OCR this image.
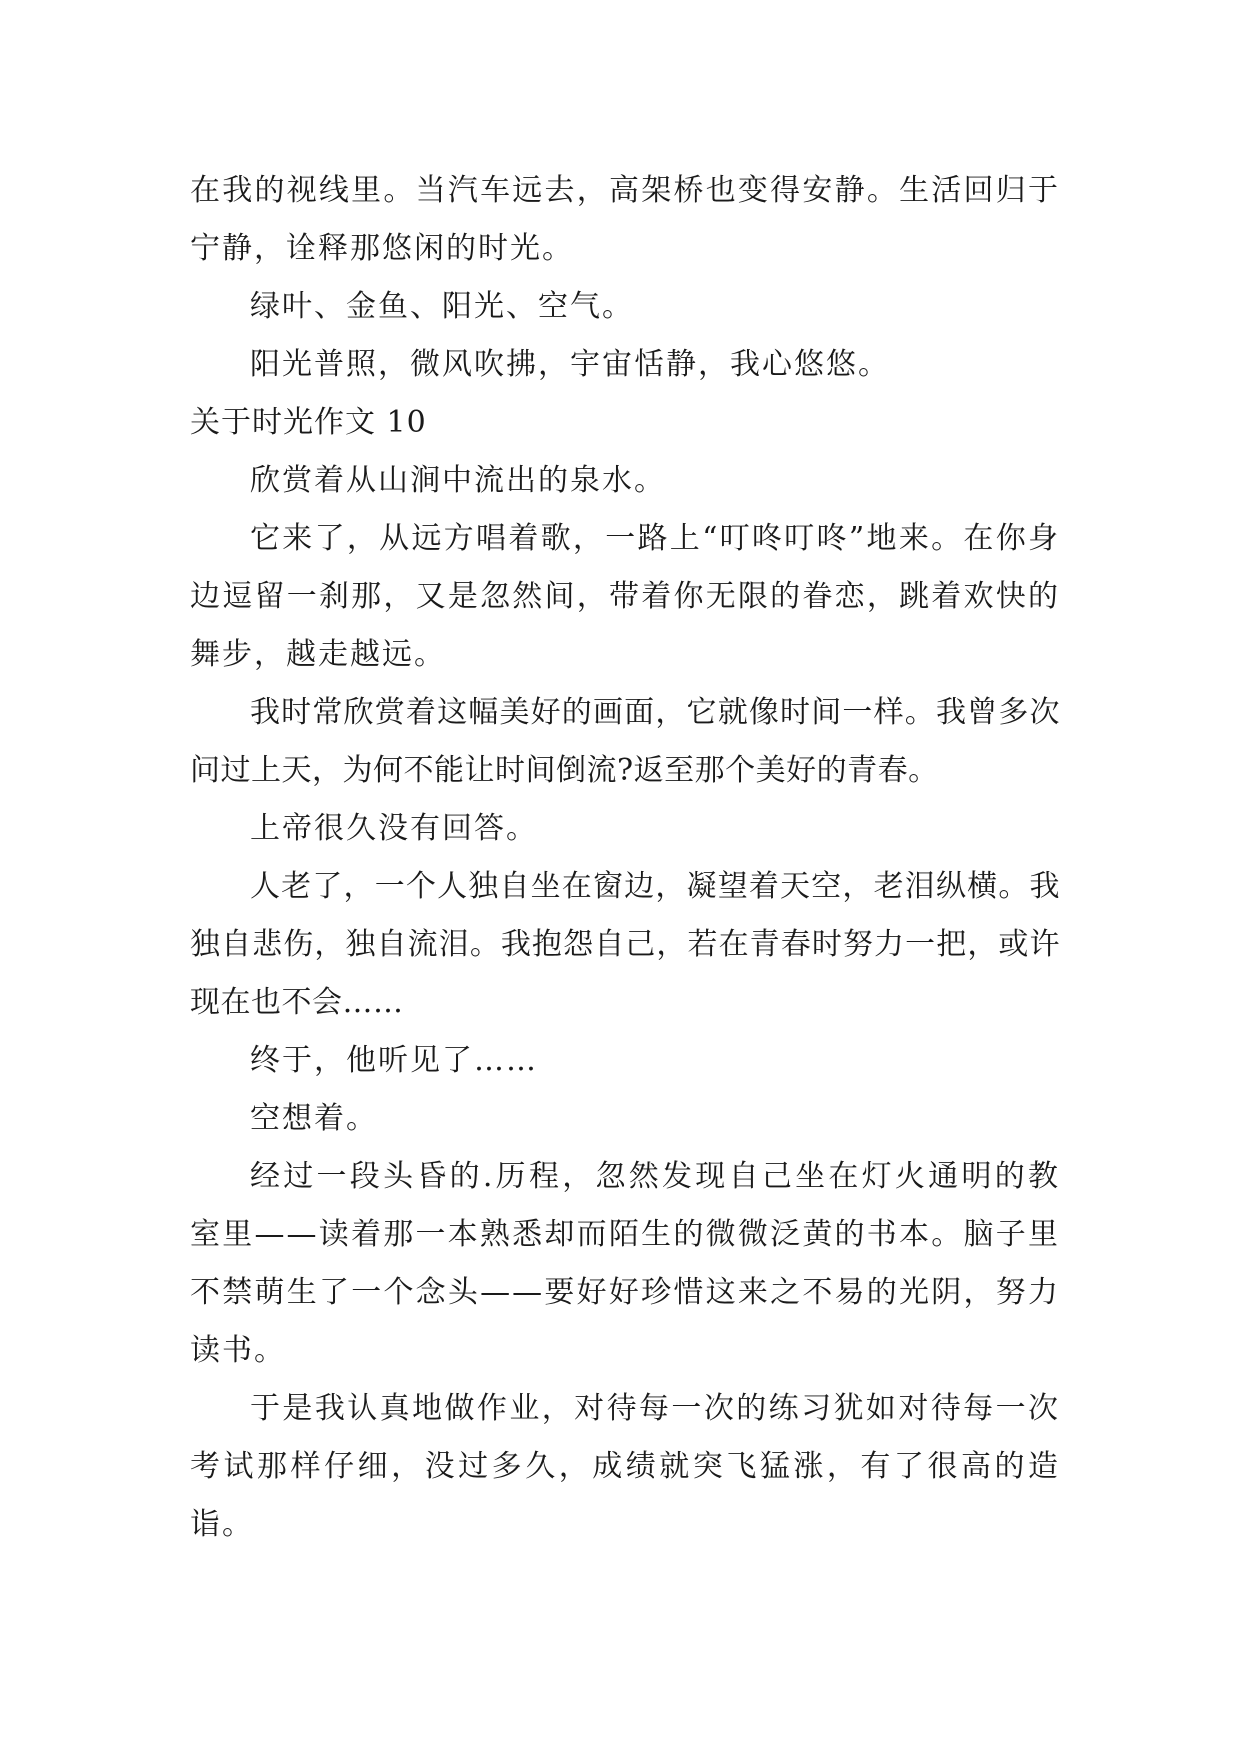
在我的视线里。当汽车远去，高架桥也变得安静。生活回归于宁静，诠释那悠闲的时光。

绿叶、金鱼、阳光、空气。

阳光普照，微风吹拂，宇宙恬静，我心悠悠。

关于时光作文 10

欣赏着从山涧中流出的泉水。

它来了，从远方唱着歌，一路上“叮咚叮咚”地来。在你身边逗留一刹那，又是忽然间，带着你无限的眷恋，跳着欢快的舞步，越走越远。

我时常欣赏着这幅美好的画面，它就像时间一样。我曾多次问过上天，为何不能让时间倒流?返至那个美好的青春。

上帝很久没有回答。

人老了，一个人独自坐在窗边，凝望着天空，老泪纵横。我独自悲伤，独自流泪。我抱怨自己，若在青春时努力一把，或许现在也不会……

终于，他听见了……

空想着。

经过一段头昏的.历程，忽然发现自己坐在灯火通明的教室里——读着那一本熟悉却而陌生的微微泛黄的书本。脑子里不禁萌生了一个念头——要好好珍惜这来之不易的光阴，努力读书。

于是我认真地做作业，对待每一次的练习犹如对待每一次考试那样仔细，没过多久，成绩就突飞猛涨，有了很高的造诣。
